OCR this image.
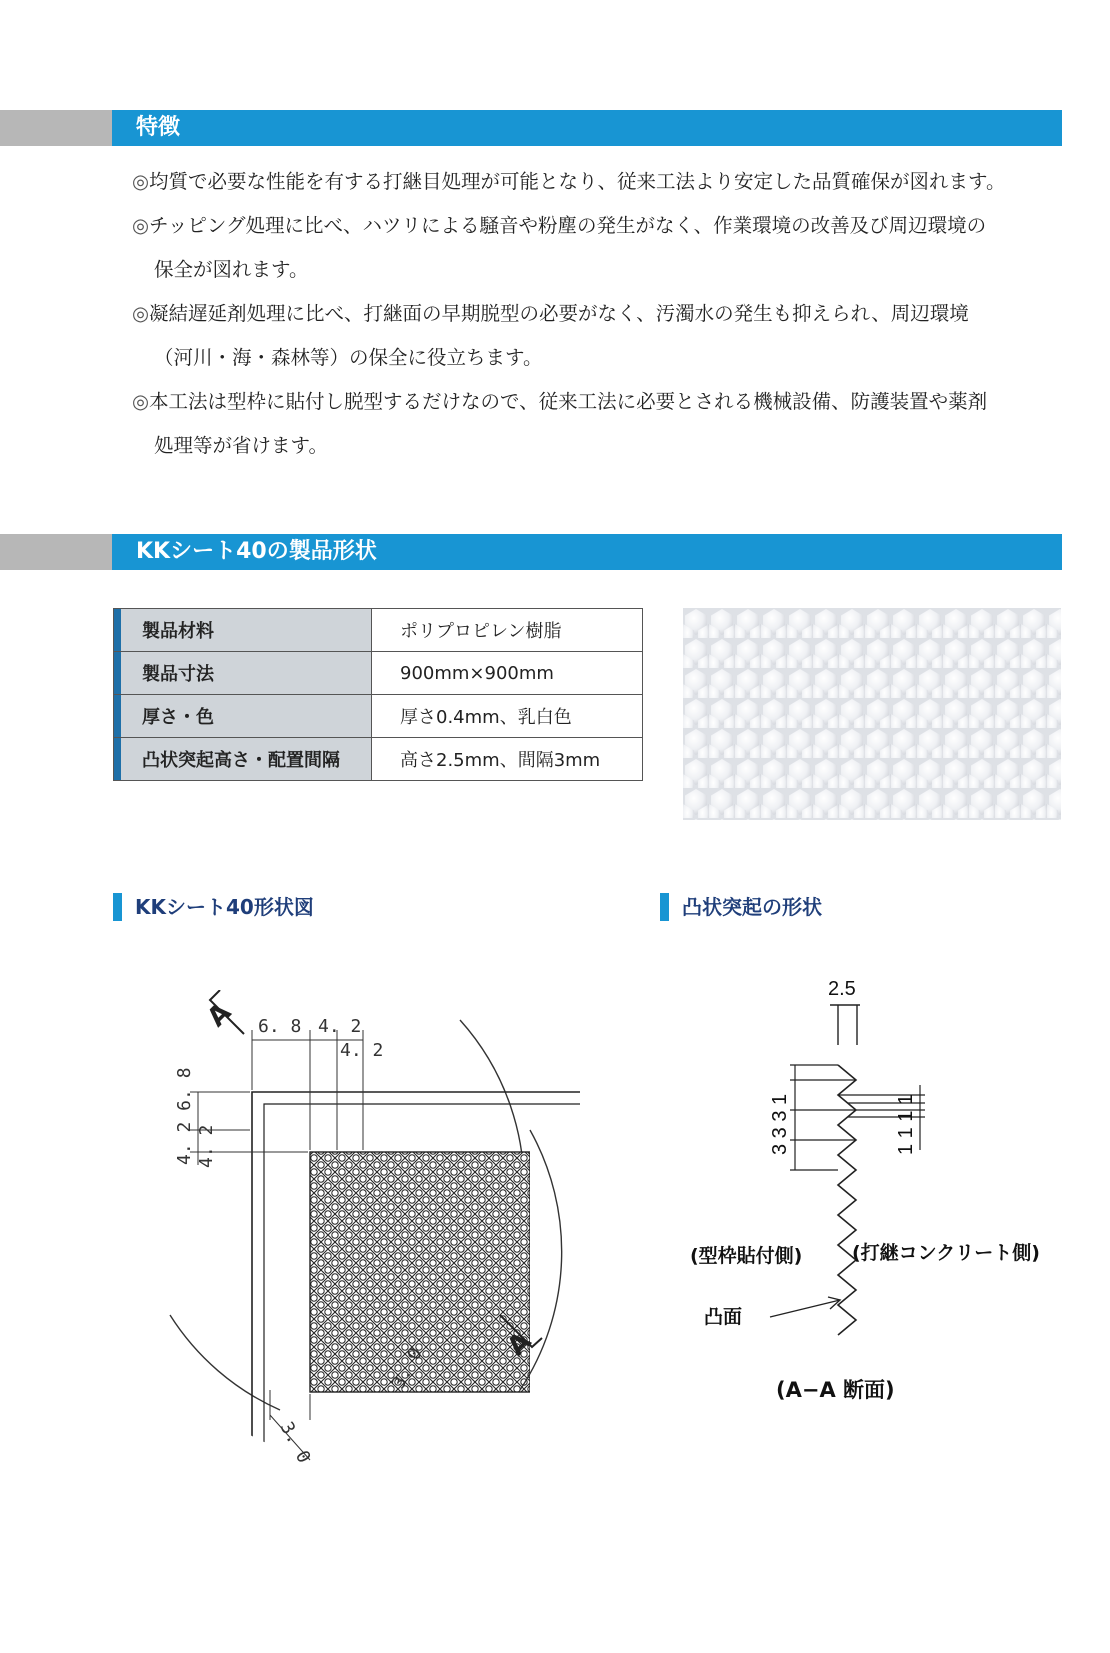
特徴
◎均質で必要な性能を有する打継目処理が可能となり、従来工法より安定した品質確保が図れます。
◎チッピング処理に比べ、ハツリによる騒音や粉塵の発生がなく、作業環境の改善及び周辺環境の
保全が図れます。
◎凝結遅延剤処理に比べ、打継面の早期脱型の必要がなく、汚濁水の発生も抑えられ、周辺環境
（河川・海・森林等）の保全に役立ちます。
◎本工法は型枠に貼付し脱型するだけなので、従来工法に必要とされる機械設備、防護装置や薬剤
処理等が省けます。
KKシート40の製品形状
製品材料	ポリプロピレン樹脂
製品寸法	900mm×900mm
厚さ・色	厚さ0.4mm、乳白色
凸状突起高さ・配置間隔	高さ2.5mm、間隔3mm
KKシート40形状図	凸状突起の形状
6. 8 4. 2
4. 2
4. 2 6. 8 4. 2
3. 0
3. 0
A
A
2.5
3 3 3 1	1 1 1 1
(型枠貼付側)	(打継コンクリート側)
凸面
(A−A 断面)
